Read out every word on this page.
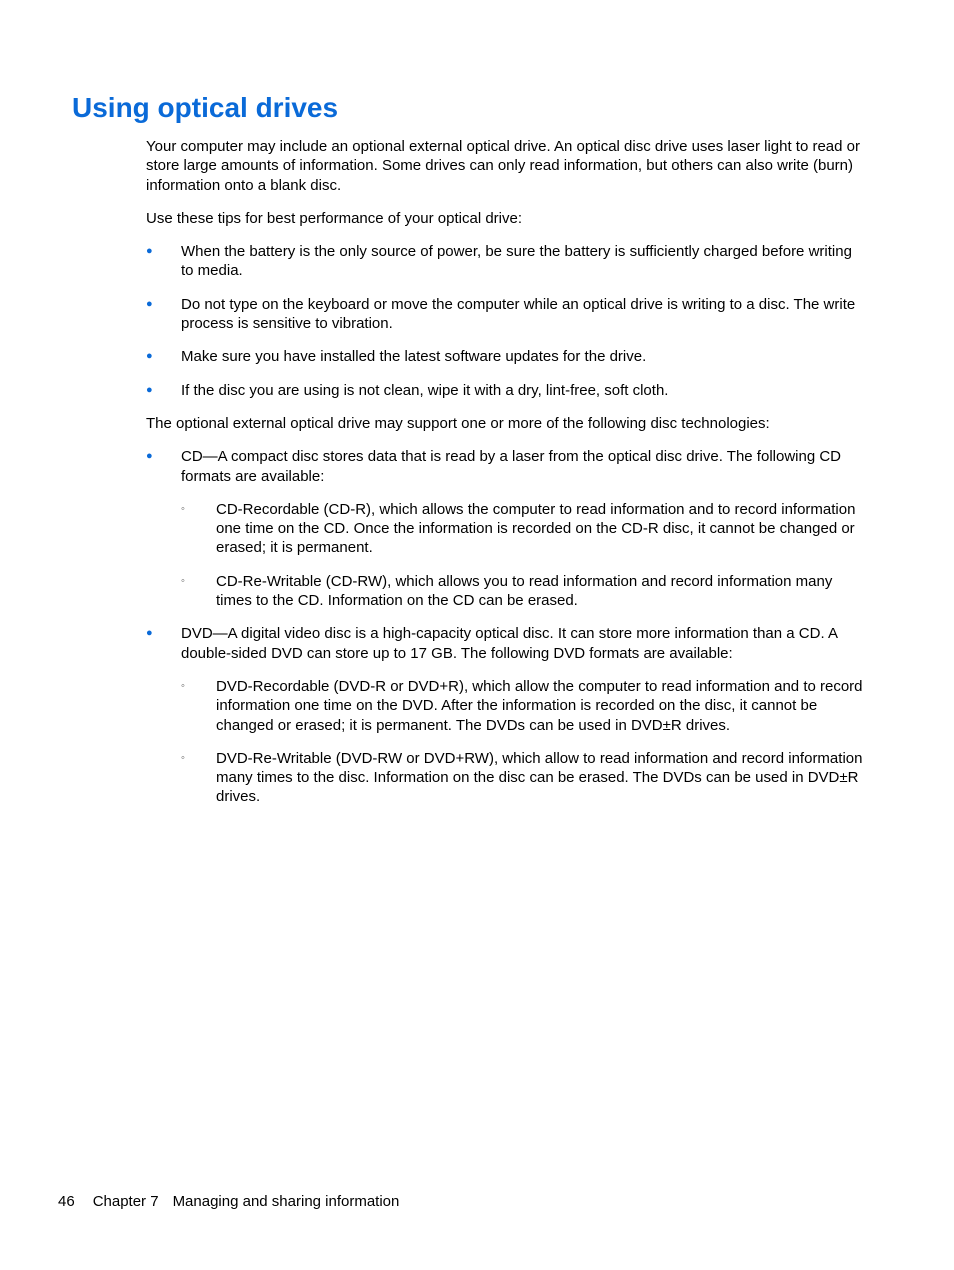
Using optical drives

Your computer may include an optional external optical drive. An optical disc drive uses laser light to read or store large amounts of information. Some drives can only read information, but others can also write (burn) information onto a blank disc.

Use these tips for best performance of your optical drive:

● When the battery is the only source of power, be sure the battery is sufficiently charged before writing to media.

● Do not type on the keyboard or move the computer while an optical drive is writing to a disc. The write process is sensitive to vibration.

● Make sure you have installed the latest software updates for the drive.

● If the disc you are using is not clean, wipe it with a dry, lint-free, soft cloth.

The optional external optical drive may support one or more of the following disc technologies:

● CD—A compact disc stores data that is read by a laser from the optical disc drive. The following CD formats are available:

◦ CD-Recordable (CD-R), which allows the computer to read information and to record information one time on the CD. Once the information is recorded on the CD-R disc, it cannot be changed or erased; it is permanent.

◦ CD-Re-Writable (CD-RW), which allows you to read information and record information many times to the CD. Information on the CD can be erased.

● DVD—A digital video disc is a high-capacity optical disc. It can store more information than a CD. A double-sided DVD can store up to 17 GB. The following DVD formats are available:

◦ DVD-Recordable (DVD-R or DVD+R), which allow the computer to read information and to record information one time on the DVD. After the information is recorded on the disc, it cannot be changed or erased; it is permanent. The DVDs can be used in DVD±R drives.

◦ DVD-Re-Writable (DVD-RW or DVD+RW), which allow to read information and record information many times to the disc. Information on the disc can be erased. The DVDs can be used in DVD±R drives.

46 Chapter 7 Managing and sharing information
